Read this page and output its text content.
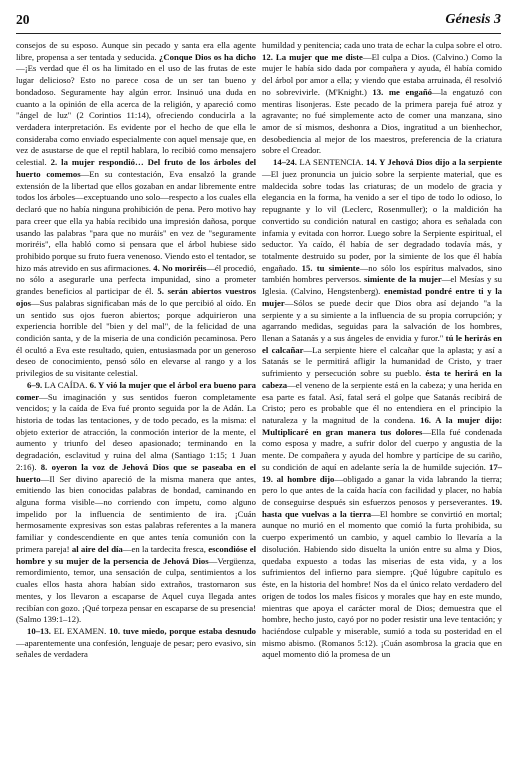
20	Génesis 3

consejos de su esposo. Aunque sin pecado y santa era ella agente libre, propensa a ser tentada y seducida. ¿Conque Dios os ha dicho—¡Es verdad que él os ha limitado en el uso de las frutas de este lugar delicioso? Esto no parece cosa de un ser tan bueno y bondadoso. Seguramente hay algún error. Insinuó una duda en cuanto a la opinión de ella acerca de la religión, y apareció como "ángel de luz" (2 Corintios 11:14), ofreciendo conducirla a la verdadera interpretación. Es evidente por el hecho de que ella le consideraba como enviado especialmente con aquel mensaje que, en vez de asustarse de que el reptil hablara, lo recibió como mensajero celestial. 2. la mujer respondió… Del fruto de los árboles del huerto comemos—En su contestación, Eva ensalzó la grande extensión de la libertad que ellos gozaban en andar libremente entre todos los árboles—exceptuando uno solo—respecto a los cuales ella declaró que no había ninguna prohibición de pena. Pero motivo hay para creer que ella ya había recibido una impresión dañosa, porque usando las palabras "para que no muráis" en vez de "seguramente moriréis", ella habló como si pensara que el árbol hubiese sido prohibido porque su fruto fuera venenoso. Viendo esto el tentador, se hizo más atrevido en sus afirmaciones. 4. No moriréis—él procedió, no sólo a asegurarle una perfecta impunidad, sino a prometer grandes beneficios al participar de él. 5. serán abiertos vuestros ojos—Sus palabras significaban más de lo que percibió al oído. En un sentido sus ojos fueron abiertos; porque adquirieron una experiencia horrible del "bien y del mal", de la felicidad de una condición santa, y de la miseria de una condición pecaminosa. Pero él ocultó a Eva este resultado, quien, entusiasmada por un generoso deseo de conocimiento, pensó sólo en elevarse al rango y a los privilegios de su visitante celestial.

6–9. LA CAÍDA. 6. Y vió la mujer que el árbol era bueno para comer—Su imaginación y sus sentidos fueron completamente vencidos; y la caída de Eva fué pronto seguida por la de Adán. La historia de todas las tentaciones, y de todo pecado, es la misma: el objeto exterior de atracción, la conmoción interior de la mente, el aumento y triunfo del deseo apasionado; terminando en la degradación, esclavitud y ruina del alma (Santiago 1:15; 1 Juan 2:16). 8. oyeron la voz de Jehová Dios que se paseaba en el huerto—Il Ser divino apareció de la misma manera que antes, emitiendo las bien conocidas palabras de bondad, caminando en alguna forma visible—no corriendo con ímpetu, como alguno impelido por la influencia de sentimiento de ira. ¡Cuán hermosamente expresivas son estas palabras referentes a la manera familiar y condescendiente en que antes tenía comunión con la primera pareja! al aire del día—en la tardecita fresca, escondióse el hombre y su mujer de la persencia de Jehová Dios—Vergüenza, remordimiento, temor, una sensación de culpa, sentimientos a los cuales ellos hasta ahora habían sido extraños, trastornaron sus mentes, y los llevaron a escaparse de Aquel cuya llegada antes recibían con gozo. ¡Qué torpeza pensar en escaparse de su presencia! (Salmo 139:1–12).

10–13. EL EXAMEN. 10. tuve miedo, porque estaba desnudo—aparentemente una confesión, lenguaje de pesar; pero evasivo, sin señales de verdadera

humildad y penitencia; cada uno trata de echar la culpa sobre el otro. 12. La mujer que me diste—El culpa a Dios. (Calvino.) Como la mujer le había sido dada por compañera y ayuda, él había comido del árbol por amor a ella; y viendo que estaba arruinada, él resolvió no sobrevivirle. (M'Knight.) 13. me engañó—la engatuzó con mentiras lisonjeras. Este pecado de la primera pareja fué atroz y agravante; no fué simplemente acto de comer una manzana, sino amor de sí mismos, deshonra a Dios, ingratitud a un bienhechor, desobediencia al mejor de los maestros, preferencia de la criatura sobre el Creador.

14–24. LA SENTENCIA. 14. Y Jehová Dios dijo a la serpiente—El juez pronuncia un juicio sobre la serpiente material, que es maldecida sobre todas las criaturas; de un modelo de gracia y elegancia en la forma, ha venido a ser el tipo de todo lo odioso, lo repugnante y lo vil (Leclerc, Rosenmuller); o la maldición ha convertido su condición natural en castigo; ahora es señalada con infamia y evitada con horror. Luego sobre la Serpiente espiritual, el seductor. Ya caído, él había de ser degradado todavía más, y totalmente destruido su poder, por la simiente de los que él había engañado. 15. tu simiente—no sólo los espíritus malvados, sino también hombres perversos. simiente de la mujer—el Mesías y su Iglesia. (Calvino, Hengstenberg). enemistad pondré entre ti y la mujer—Sólos se puede decir que Dios obra así dejando "a la serpiente y a su simiente a la influencia de su propia corrupción; y agarrando medidas, seguidas para la salvación de los hombres, llenan a Satanás y a sus ángeles de envidia y furor." tú le herirás en el calcañar—La serpiente hiere el calcañar que la aplasta; y así a Satanás se le permitirá afligir la humanidad de Cristo, y traer sufrimiento y persecución sobre su pueblo. ésta te herirá en la cabeza—el veneno de la serpiente está en la cabeza; y una herida en esa parte es fatal. Así, fatal será el golpe que Satanás recibirá de Cristo; pero es probable que él no entendiera en el principio la naturaleza y la magnitud de la condena. 16. A la mujer dijo: Multiplicaré en gran manera tus dolores—Ella fué condenada como esposa y madre, a sufrir dolor del cuerpo y angustia de la mente. De compañera y ayuda del hombre y partícipe de su cariño, su condición de aquí en adelante sería la de humilde sujeción. 17–19. al hombre dijo—obligado a ganar la vida labrando la tierra; pero lo que antes de la caída hacía con facilidad y placer, no había de conseguirse después sin esfuerzos penosos y perseverantes. 19. hasta que vuelvas a la tierra—El hombre se convirtió en mortal; aunque no murió en el momento que comió la furta prohibida, su cuerpo experimentó un cambio, y aquel cambio lo llevaría a la disolución. Habiendo sido disuelta la unión entre su alma y Dios, quedaba expuesto a todas las miserias de esta vida, y a los sufrimientos del infierno para siempre. ¡Qué lúgubre capítulo es éste, en la historia del hombre! Nos da el único relato verdadero del origen de todos los males físicos y morales que hay en este mundo, mientras que apoya el carácter moral de Dios; demuestra que el hombre, hecho justo, cayó por no poder resistir una leve tentación; y haciéndose culpable y miserable, sumió a toda su posteridad en el mismo abismo. (Romanos 5:12). ¡Cuán asombrosa la gracia que en aquel momento dió la promesa de un
